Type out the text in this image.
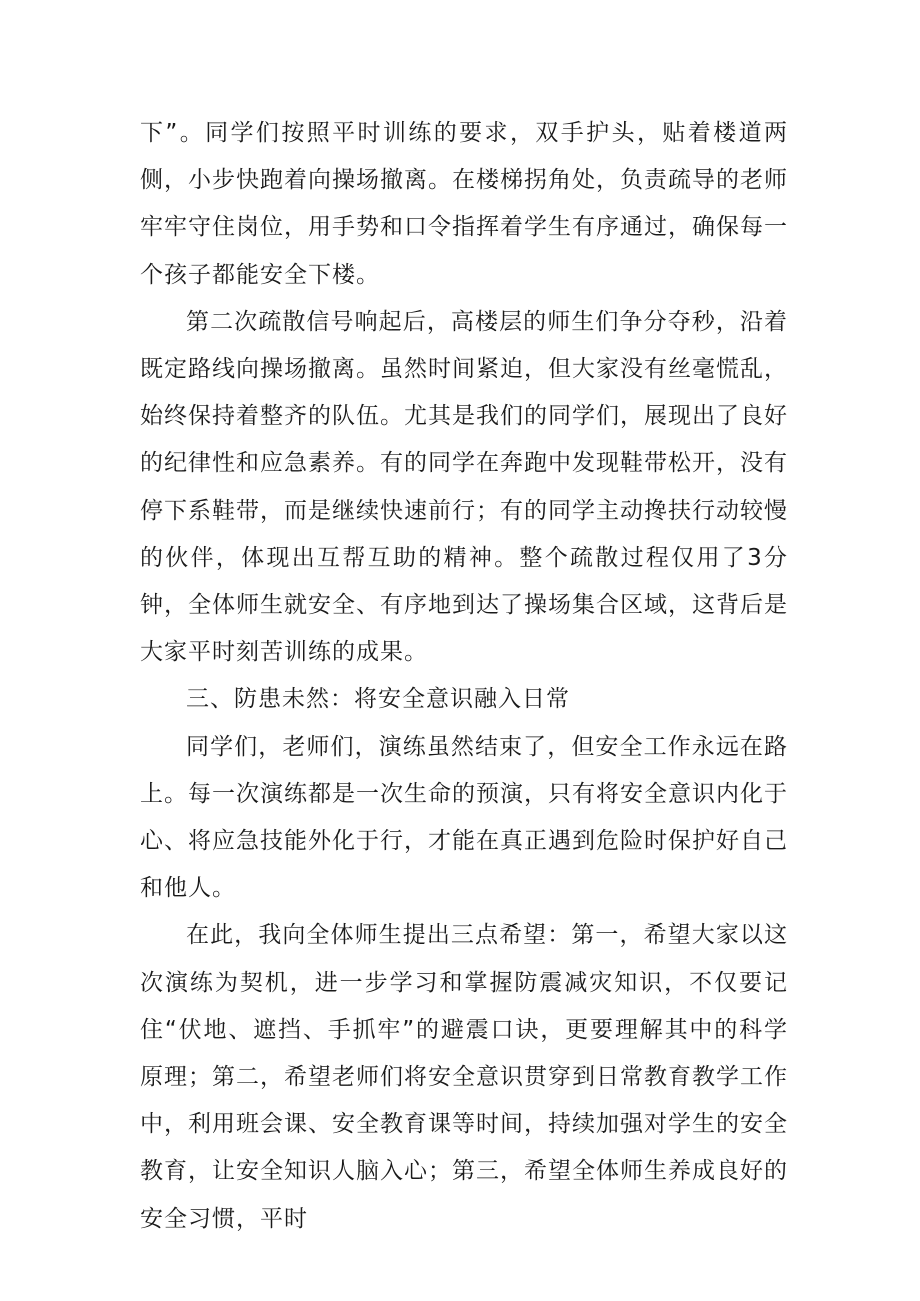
下”。同学们按照平时训练的要求，双手护头，贴着楼道两侧，小步快跑着向操场撤离。在楼梯拐角处，负责疏导的老师牢牢守住岗位，用手势和口令指挥着学生有序通过，确保每一个孩子都能安全下楼。

第二次疏散信号响起后，高楼层的师生们争分夺秒，沿着既定路线向操场撤离。虽然时间紧迫，但大家没有丝毫慌乱，始终保持着整齐的队伍。尤其是我们的同学们，展现出了良好的纪律性和应急素养。有的同学在奔跑中发现鞋带松开，没有停下系鞋带，而是继续快速前行；有的同学主动搀扶行动较慢的伙伴，体现出互帮互助的精神。整个疏散过程仅用了3分钟，全体师生就安全、有序地到达了操场集合区域，这背后是大家平时刻苦训练的成果。

三、防患未然：将安全意识融入日常

同学们，老师们，演练虽然结束了，但安全工作永远在路上。每一次演练都是一次生命的预演，只有将安全意识内化于心、将应急技能外化于行，才能在真正遇到危险时保护好自己和他人。

在此，我向全体师生提出三点希望：第一，希望大家以这次演练为契机，进一步学习和掌握防震减灾知识，不仅要记住“伏地、遮挡、手抓牢”的避震口诀，更要理解其中的科学原理；第二，希望老师们将安全意识贯穿到日常教育教学工作中，利用班会课、安全教育课等时间，持续加强对学生的安全教育，让安全知识人脑入心；第三，希望全体师生养成良好的安全习惯，平时
